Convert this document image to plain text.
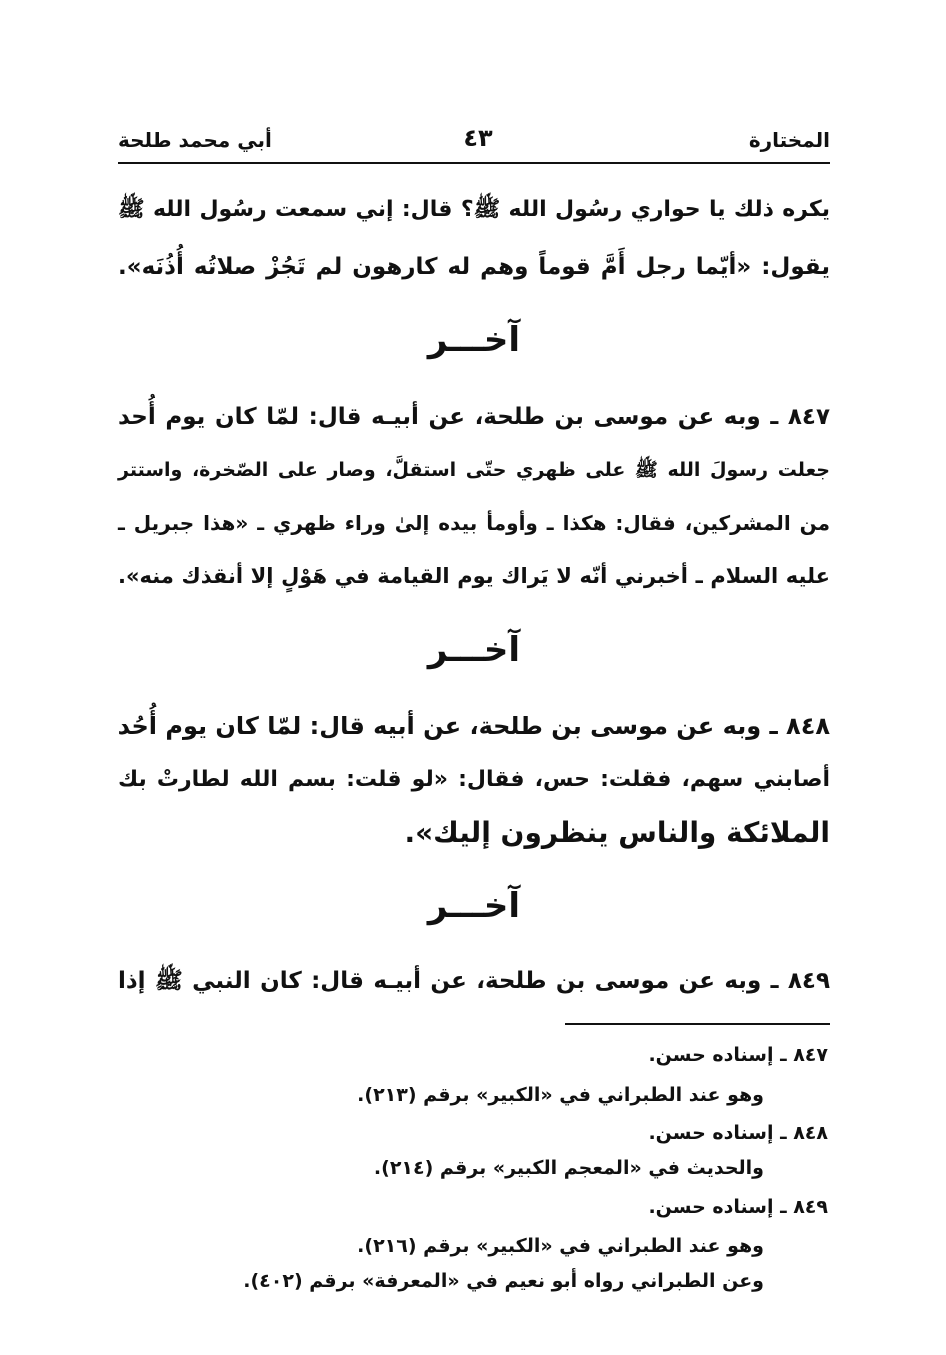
المختارة
٤٣
أبي محمد طلحة
يكره ذلك يا حواري رسُول الله ﷺ؟ قال: إني سمعت رسُول الله ﷺ
يقول: «أيّما رجل أَمَّ قوماً وهم له كارهون لم تَجُزْ صلاتُه أُذُنَه».
آخـــر
٨٤٧ ـ وبه عن موسى بن طلحة، عن أبيـه قال: لمّا كان يوم أُحد
جعلت رسولَ الله ﷺ على ظهري حتّى استقلَّ، وصار على الصّخرة، واستتر
من المشركين، فقال: هكذا ـ وأومأ بيده إلىٰ وراء ظهري ـ «هذا جبريل ـ
عليه السلام ـ أخبرني أنّه لا يَراك يوم القيامة في هَوْلٍ إلا أنقذك منه».
آخـــر
٨٤٨ ـ وبه عن موسى بن طلحة، عن أبيه قال: لمّا كان يوم أُحُد
أصابني سهم، فقلت: حس، فقال: «لو قلت: بسم الله لطارتْ بك
الملائكة والناس ينظرون إليك».
آخـــر
٨٤٩ ـ وبه عن موسى بن طلحة، عن أبيـه قال: كان النبي ﷺ إذا
٨٤٧ ـ إسناده حسن.
وهو عند الطبراني في «الكبير» برقم (٢١٣).
٨٤٨ ـ إسناده حسن.
والحديث في «المعجم الكبير» برقم (٢١٤).
٨٤٩ ـ إسناده حسن.
وهو عند الطبراني في «الكبير» برقم (٢١٦).
وعن الطبراني رواه أبو نعيم في «المعرفة» برقم (٤٠٢).
